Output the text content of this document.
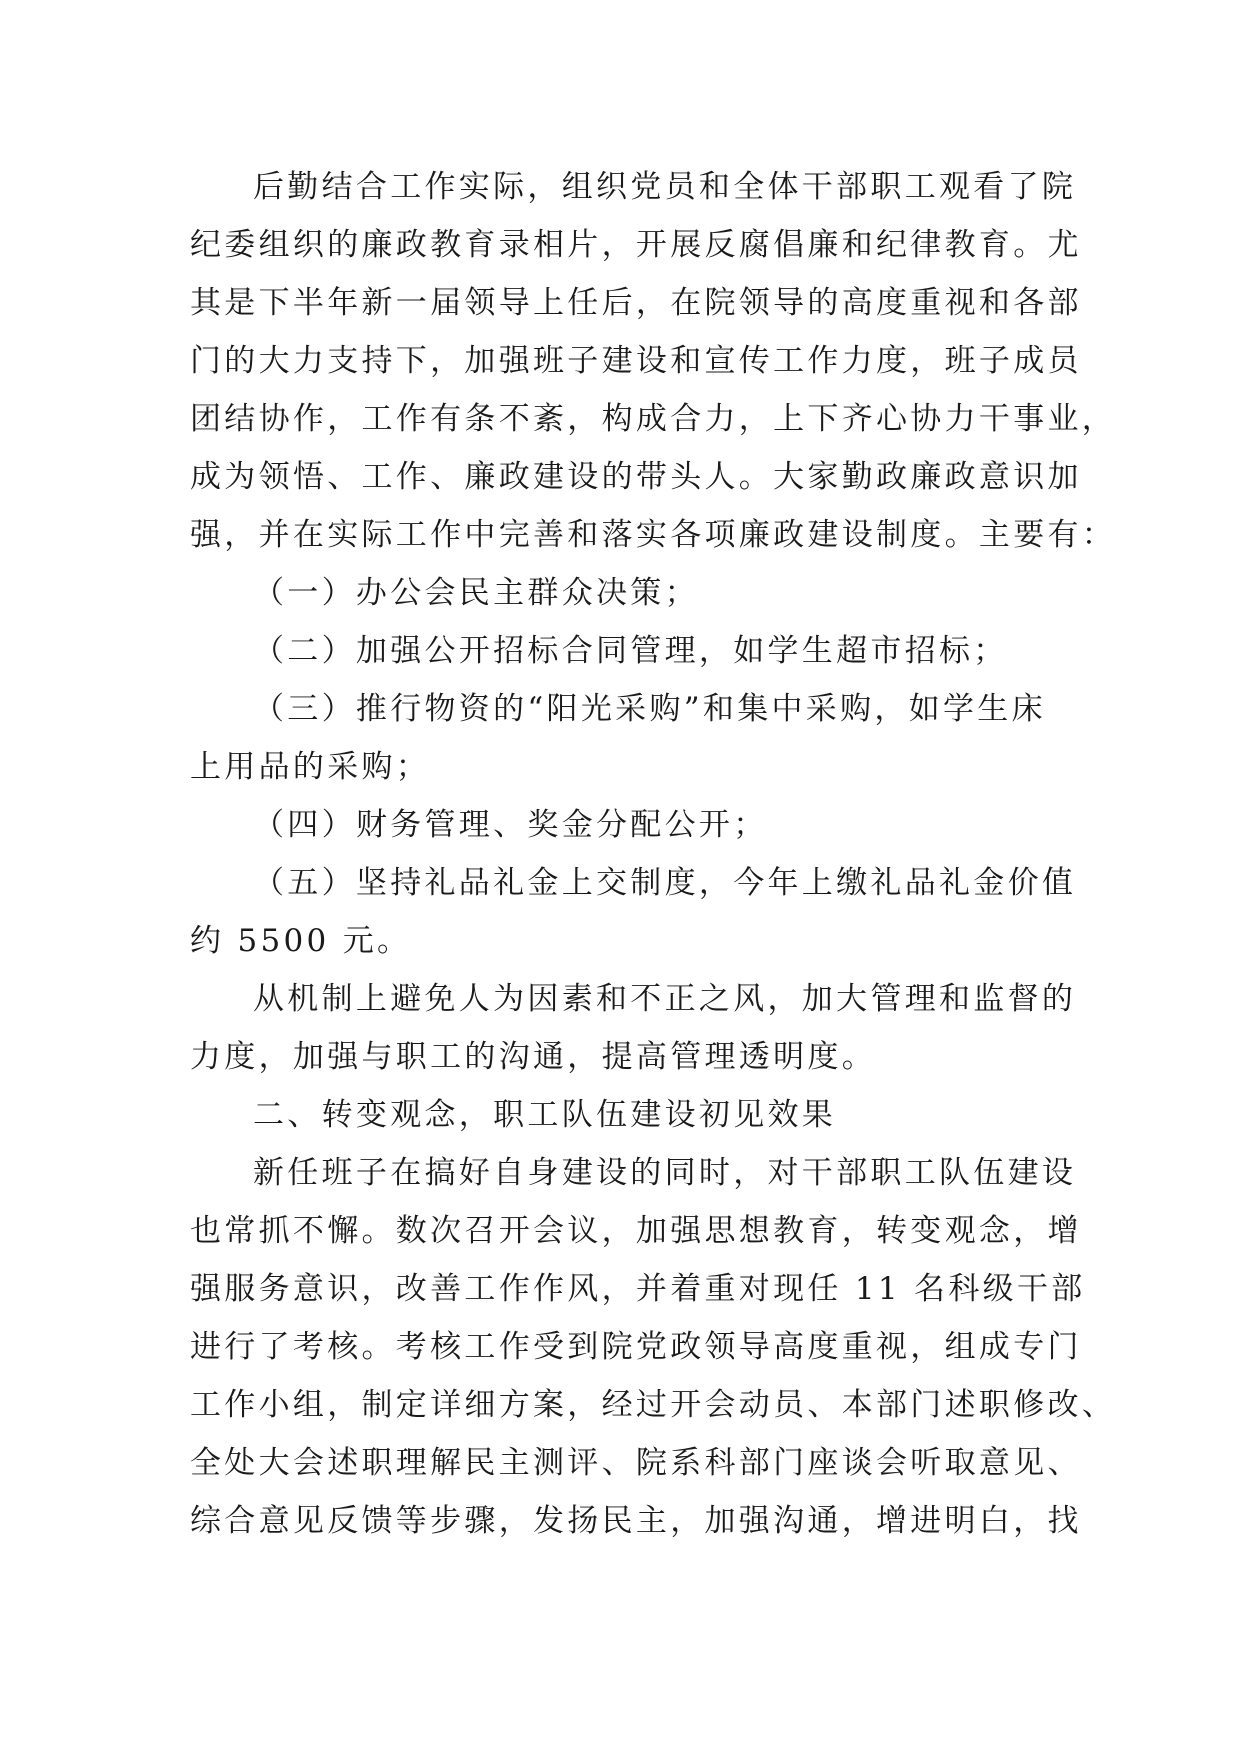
后勤结合工作实际，组织党员和全体干部职工观看了院
纪委组织的廉政教育录相片，开展反腐倡廉和纪律教育。尤
其是下半年新一届领导上任后，在院领导的高度重视和各部
门的大力支持下，加强班子建设和宣传工作力度，班子成员
团结协作，工作有条不紊，构成合力，上下齐心协力干事业，
成为领悟、工作、廉政建设的带头人。大家勤政廉政意识加
强，并在实际工作中完善和落实各项廉政建设制度。主要有：
（一）办公会民主群众决策；
（二）加强公开招标合同管理，如学生超市招标；
（三）推行物资的“阳光采购”和集中采购，如学生床
上用品的采购；
（四）财务管理、奖金分配公开；
（五）坚持礼品礼金上交制度，今年上缴礼品礼金价值
约 5500 元。
从机制上避免人为因素和不正之风，加大管理和监督的
力度，加强与职工的沟通，提高管理透明度。
二、转变观念，职工队伍建设初见效果
新任班子在搞好自身建设的同时，对干部职工队伍建设
也常抓不懈。数次召开会议，加强思想教育，转变观念，增
强服务意识，改善工作作风，并着重对现任 11 名科级干部
进行了考核。考核工作受到院党政领导高度重视，组成专门
工作小组，制定详细方案，经过开会动员、本部门述职修改、
全处大会述职理解民主测评、院系科部门座谈会听取意见、
综合意见反馈等步骤，发扬民主，加强沟通，增进明白，找
